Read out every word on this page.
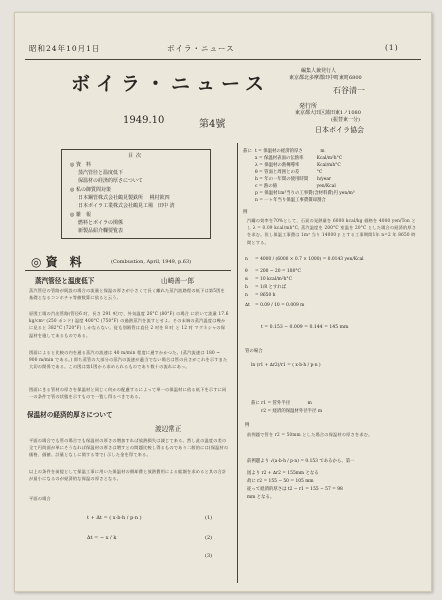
昭和24年10月1日	ボイラ・ニュース	(1)
ボイラ・ニュース
1949.10	第4號
編集人兼発行人
東京都北多摩郡田中町東町6800
石谷清一
発行所
東京都大田区蒲田東1ノ1080
(振替東一分)
日本ボイラ協会
目次
◎ 資　料
蒸汽管径と温度低下
保温材の経済的厚さについて
◎ 私の御質問対策
日本鋼管株式会社鶴見製鉄所　 桃村欽四
日本ボイラ工業株式会社鶴見工場　田中 清
◎ 雑　報
燃料とボイラの関係
新製品紹介欄要覧表
◎ 資　料	(Combustion, April, 1949, p.63)
蒸汽管径と温度低下	山崎善一郎
蒸汽管径の管路が既設の場合の流量と保温の厚さが小さくて長く離れた蒸汽流路程の低下は第5図を基礎となるコンホチャ等値数算に依ると云う。
原図工場の汽出管路(管径6 吋、長さ 291 呎)で、外気温度 26°C (80°F) の場合 に於いて流量 17.6 kg/cm² (250 ポンド) 温度 400°C (750°F) の過熱蒸汽を流すとせよ。その末端の蒸汽温度は幾かに見ると 382°C (720°F) しかならない。従も別紙管は直径 2 吋を 8 吋 と 12 吋 マグネシャの保温材を施してあるものである。
図面によると比較の内を通る蒸汽の流速は 40 m/min 程度に通すかかつた。(蒸汽流速は 180 ~ 900 m/min である。) 即ち蒸管の大部分の蒸汽の流速が適当でない場合は管の長さがこれを示すまた大切の関係である。この図は第1図から求められるものであり数十の流れにあっ。
図面にきる管材の厚さを保温材と同じく何かの配慮するによって単一の保温材に依る低下を示すに同一の条件で管の状態を示すもので一覧し得るべきである。
保温材の経済的厚さについて
渡辺常正
平面の場合でも管の場合でも保温材の厚さの増加すれば放熱損失は減じて来る。然し此の温度の差の全て円筒面が単にそうなれば保温材の厚さは増すとの間題比較し得るものであり二般的には(保温材の価格、価値、計量となしに関する等で) 示した金を得て来る。
以上の条件を前提として保温工事に用いた保温材の償却費と放熱費用による総額を求めると其の合計が最小になるのが経済的な保温の厚さとなる。
平面の場合
t + ∆t = ( x·b·h / p·n )	(1)
∆t = − x / k	(2)
(3)
茲に t = 保温材の経済的厚さ　　　　m
x = 保温材表面の伝熱率　　　Kcal/m²h°C
λ = 保温材の熱傳導率　　　　Kcal/mh°C
θ = 管面と周囲との差　　　　°C
h = 年の一年間の使用時間　　h/year
c = 熱の値　　　　　　　　　yen/Kcal
p = 保温材1m³当りの工事費(含材料費)円 yen/m³
n = 一ヶ年当り保温工事費償却割合
例
汽罐の効率を70%として、石炭の発熱量を 6000 kcal/kg 価格を 4000 yen/Ton とし λ = 0.09 kcal/mh°C, 蒸汽温度を 200°C 室温を 20°C とした場合の経済的厚さを求む。但し保温工事費は 1m³ 当り 14000 y とする工事期間1年 n=2 年 8650 時間とする。
n = 4000 / (6000 × 0.7 × 1000) = 0.0143 yen/Kcal
θ = 200 − 20 = 180°C
α = 10 kcal/m²h°C
h = 1/8 とすれば
n = 8650 h
∆t = 0.09 / 10 = 0.009 m
t = 0.153 − 0.009 = 0.144 = 145 mm
管の場合
ln (r1 + ∆r2)/r1 = ( x·b·h / p·n )
茲に r1 = 管外半径　　　　m
　　 r2 = 経済的保温材外径半径 m
例
前例題で管を r2 = 50mm とした場合の保温材の厚さを求む。
前例題より √(a·b·h / p·n) = 0.153 であるから、第一
図より r2 + ∆r2 = 155mm となる
故に r2 = 155 − 50 = 105 mm
従って経済的厚さは t2 − r1 = 155 − 57 = 98
mm となる。
